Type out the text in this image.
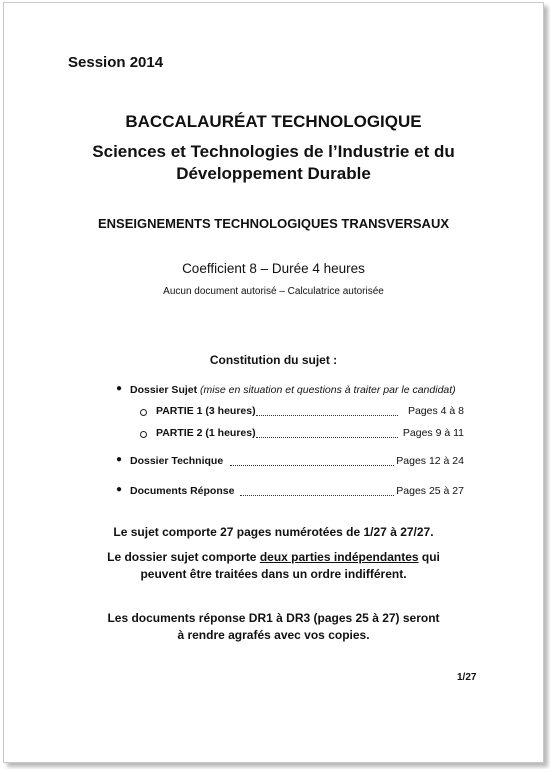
Session 2014
BACCALAURÉAT TECHNOLOGIQUE
Sciences et Technologies de l’Industrie et du
Développement Durable
ENSEIGNEMENTS TECHNOLOGIQUES TRANSVERSAUX
Coefficient 8 – Durée 4 heures
Aucun document autorisé – Calculatrice autorisée
Constitution du sujet :
● Dossier Sujet (mise en situation et questions à traiter par le candidat)
PARTIE 1 (3 heures)	Pages 4 à 8
PARTIE 2 (1 heures)	Pages 9 à 11
● Dossier Technique	Pages 12 à 24
● Documents Réponse	Pages 25 à 27
Le sujet comporte 27 pages numérotées de 1/27 à 27/27.
Le dossier sujet comporte deux parties indépendantes qui
peuvent être traitées dans un ordre indifférent.
Les documents réponse DR1 à DR3 (pages 25 à 27) seront
à rendre agrafés avec vos copies.
1/27
